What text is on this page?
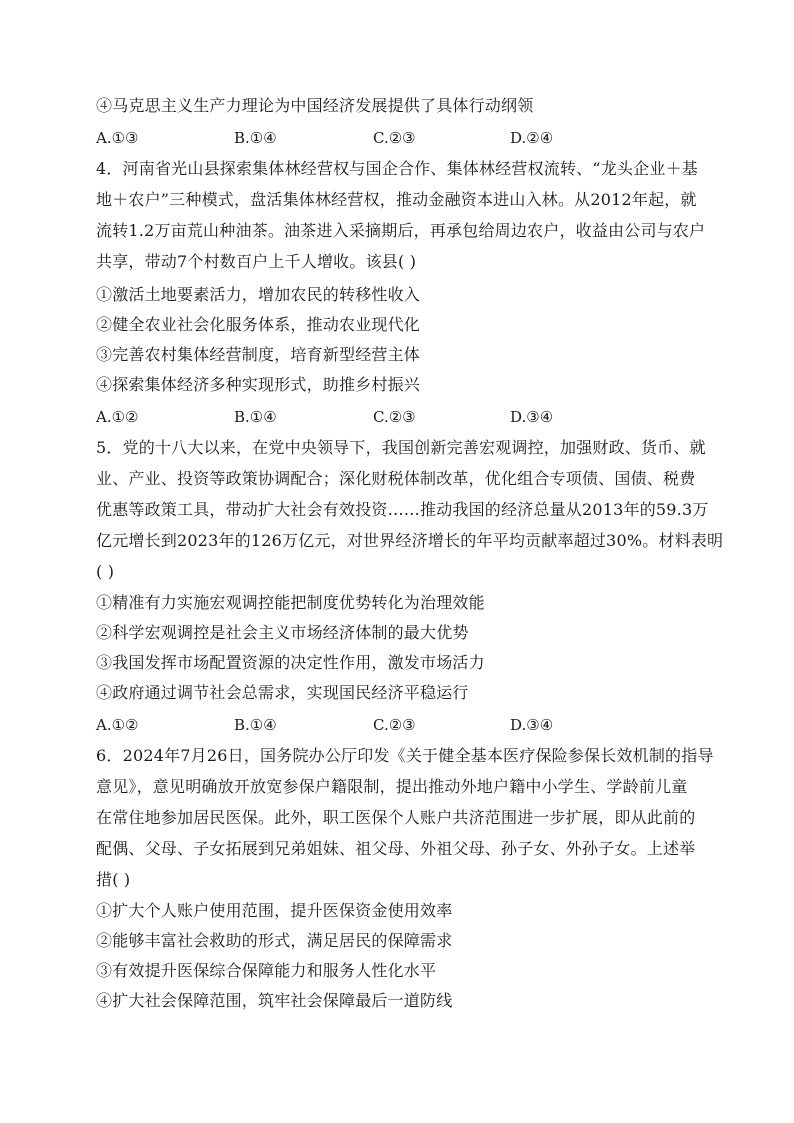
④马克思主义生产力理论为中国经济发展提供了具体行动纲领
A.①③	B.①④	C.②③	D.②④
4．河南省光山县探索集体林经营权与国企合作、集体林经营权流转、“龙头企业＋基
地＋农户”三种模式，盘活集体林经营权，推动金融资本进山入林。从2012年起，就
流转1.2万亩荒山种油茶。油茶进入采摘期后，再承包给周边农户，收益由公司与农户
共享，带动7个村数百户上千人增收。该县( )
①激活土地要素活力，增加农民的转移性收入
②健全农业社会化服务体系，推动农业现代化
③完善农村集体经营制度，培育新型经营主体
④探索集体经济多种实现形式，助推乡村振兴
A.①②	B.①④	C.②③	D.③④
5．党的十八大以来，在党中央领导下，我国创新完善宏观调控，加强财政、货币、就
业、产业、投资等政策协调配合；深化财税体制改革，优化组合专项债、国债、税费
优惠等政策工具，带动扩大社会有效投资……推动我国的经济总量从2013年的59.3万
亿元增长到2023年的126万亿元，对世界经济增长的年平均贡献率超过30%。材料表明
( )
①精准有力实施宏观调控能把制度优势转化为治理效能
②科学宏观调控是社会主义市场经济体制的最大优势
③我国发挥市场配置资源的决定性作用，激发市场活力
④政府通过调节社会总需求，实现国民经济平稳运行
A.①②	B.①④	C.②③	D.③④
6．2024年7月26日，国务院办公厅印发《关于健全基本医疗保险参保长效机制的指导
意见》，意见明确放开放宽参保户籍限制，提出推动外地户籍中小学生、学龄前儿童
在常住地参加居民医保。此外，职工医保个人账户共济范围进一步扩展，即从此前的
配偶、父母、子女拓展到兄弟姐妹、祖父母、外祖父母、孙子女、外孙子女。上述举
措( )
①扩大个人账户使用范围，提升医保资金使用效率
②能够丰富社会救助的形式，满足居民的保障需求
③有效提升医保综合保障能力和服务人性化水平
④扩大社会保障范围，筑牢社会保障最后一道防线
